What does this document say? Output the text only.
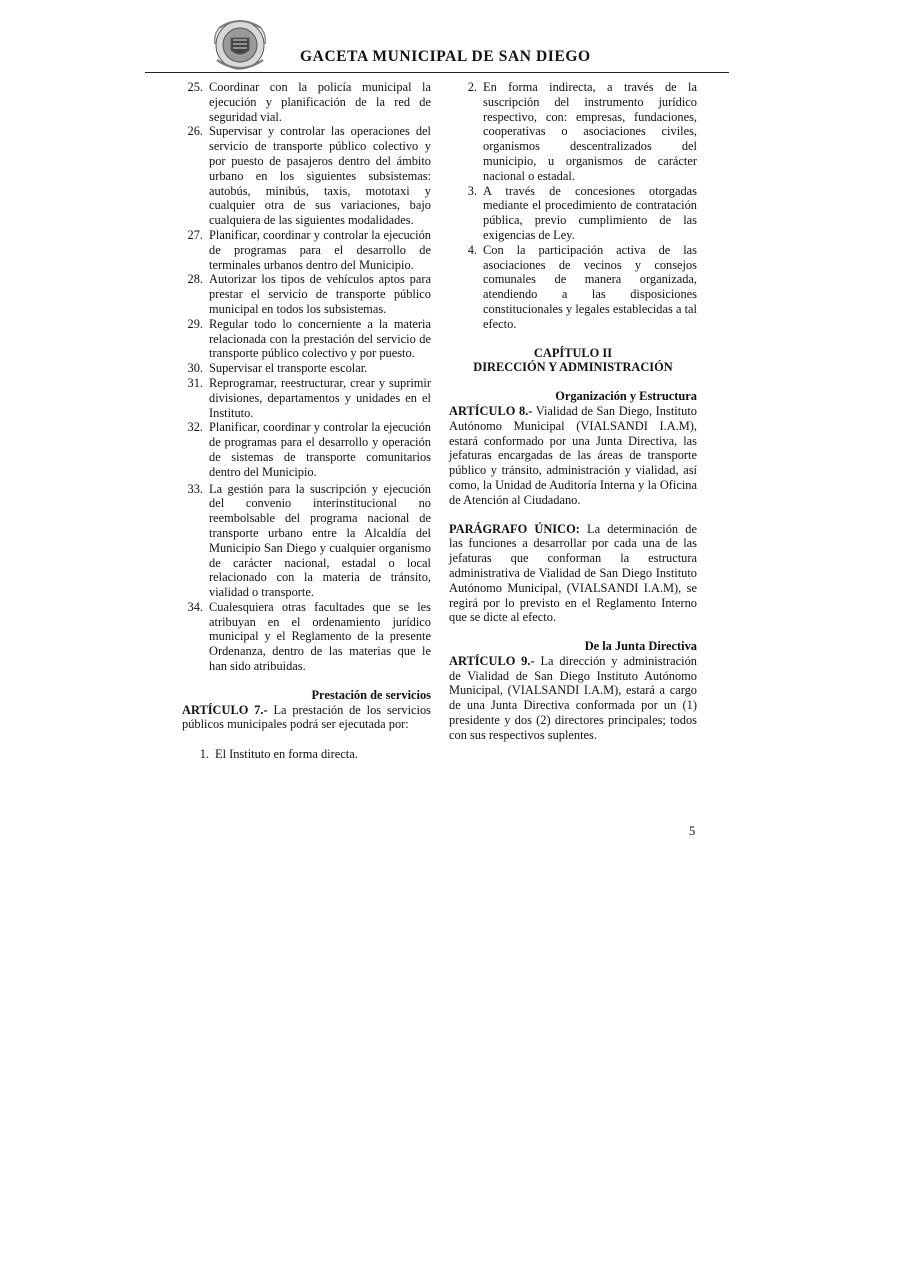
GACETA MUNICIPAL DE SAN DIEGO
25. Coordinar con la policía municipal la ejecución y planificación de la red de seguridad vial.
26. Supervisar y controlar las operaciones del servicio de transporte público colectivo y por puesto de pasajeros dentro del ámbito urbano en los siguientes subsistemas: autobús, minibús, taxis, mototaxi y cualquier otra de sus variaciones, bajo cualquiera de las siguientes modalidades.
27. Planificar, coordinar y controlar la ejecución de programas para el desarrollo de terminales urbanos dentro del Municipio.
28. Autorizar los tipos de vehículos aptos para prestar el servicio de transporte público municipal en todos los subsistemas.
29. Regular todo lo concerniente a la materia relacionada con la prestación del servicio de transporte público colectivo y por puesto.
30. Supervisar el transporte escolar.
31. Reprogramar, reestructurar, crear y suprimir divisiones, departamentos y unidades en el Instituto.
32. Planificar, coordinar y controlar la ejecución de programas para el desarrollo y operación de sistemas de transporte comunitarios dentro del Municipio.
33. La gestión para la suscripción y ejecución del convenio interinstitucional no reembolsable del programa nacional de transporte urbano entre la Alcaldía del Municipio San Diego y cualquier organismo de carácter nacional, estadal o local relacionado con la materia de tránsito, vialidad o transporte.
34. Cualesquiera otras facultades que se les atribuyan en el ordenamiento jurídico municipal y el Reglamento de la presente Ordenanza, dentro de las materias que le han sido atribuidas.
Prestación de servicios
ARTÍCULO 7.- La prestación de los servicios públicos municipales podrá ser ejecutada por:
1. El Instituto en forma directa.
2. En forma indirecta, a través de la suscripción del instrumento jurídico respectivo, con: empresas, fundaciones, cooperativas o asociaciones civiles, organismos descentralizados del municipio, u organismos de carácter nacional o estadal.
3. A través de concesiones otorgadas mediante el procedimiento de contratación pública, previo cumplimiento de las exigencias de Ley.
4. Con la participación activa de las asociaciones de vecinos y consejos comunales de manera organizada, atendiendo a las disposiciones constitucionales y legales establecidas a tal efecto.
CAPÍTULO II
DIRECCIÓN Y ADMINISTRACIÓN
Organización y Estructura
ARTÍCULO 8.- Vialidad de San Diego, Instituto Autónomo Municipal (VIALSANDI I.A.M), estará conformado por una Junta Directiva, las jefaturas encargadas de las áreas de transporte público y tránsito, administración y vialidad, así como, la Unidad de Auditoría Interna y la Oficina de Atención al Ciudadano.
PARÁGRAFO ÚNICO: La determinación de las funciones a desarrollar por cada una de las jefaturas que conforman la estructura administrativa de Vialidad de San Diego Instituto Autónomo Municipal, (VIALSANDI I.A.M), se regirá por lo previsto en el Reglamento Interno que se dicte al efecto.
De la Junta Directiva
ARTÍCULO 9.- La dirección y administración de Vialidad de San Diego Instituto Autónomo Municipal, (VIALSANDI I.A.M), estará a cargo de una Junta Directiva conformada por un (1) presidente y dos (2) directores principales; todos con sus respectivos suplentes.
5
